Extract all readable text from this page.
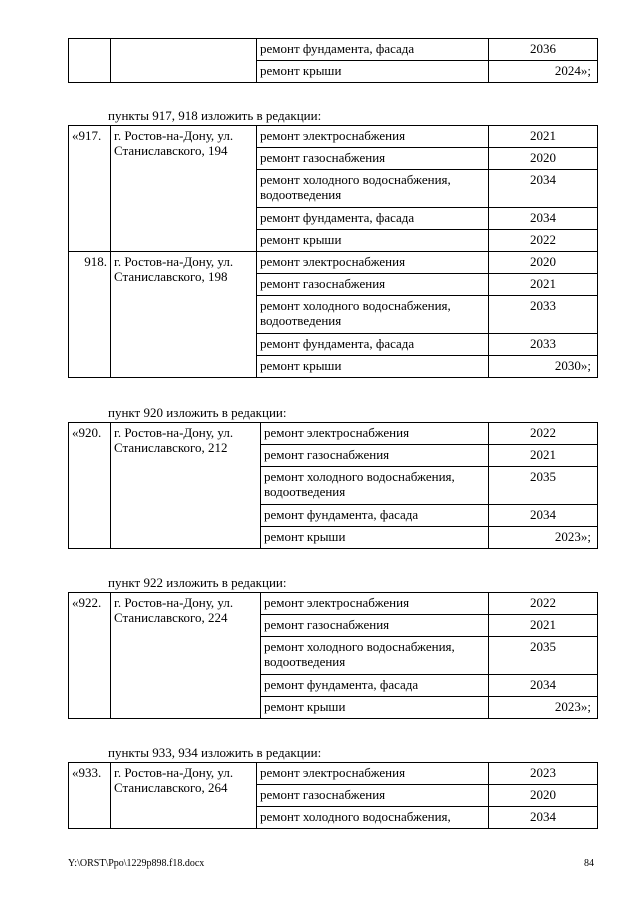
		ремонт фундамента, фасада	2036
		ремонт крыши	2024»;

пункты 917, 918 изложить в редакции:

«917.	г. Ростов-на-Дону, ул. Станиславского, 194	ремонт электроснабжения	2021
		ремонт газоснабжения	2020
		ремонт холодного водоснабжения, водоотведения	2034
		ремонт фундамента, фасада	2034
		ремонт крыши	2022
918.	г. Ростов-на-Дону, ул. Станиславского, 198	ремонт электроснабжения	2020
		ремонт газоснабжения	2021
		ремонт холодного водоснабжения, водоотведения	2033
		ремонт фундамента, фасада	2033
		ремонт крыши	2030»;

пункт 920 изложить в редакции:

«920.	г. Ростов-на-Дону, ул. Станиславского, 212	ремонт электроснабжения	2022
		ремонт газоснабжения	2021
		ремонт холодного водоснабжения, водоотведения	2035
		ремонт фундамента, фасада	2034
		ремонт крыши	2023»;

пункт 922 изложить в редакции:

«922.	г. Ростов-на-Дону, ул. Станиславского, 224	ремонт электроснабжения	2022
		ремонт газоснабжения	2021
		ремонт холодного водоснабжения, водоотведения	2035
		ремонт фундамента, фасада	2034
		ремонт крыши	2023»;

пункты 933, 934 изложить в редакции:

«933.	г. Ростов-на-Дону, ул. Станиславского, 264	ремонт электроснабжения	2023
		ремонт газоснабжения	2020
		ремонт холодного водоснабжения,	2034
Y:\ORST\Ppo\1229p898.f18.docx	84
